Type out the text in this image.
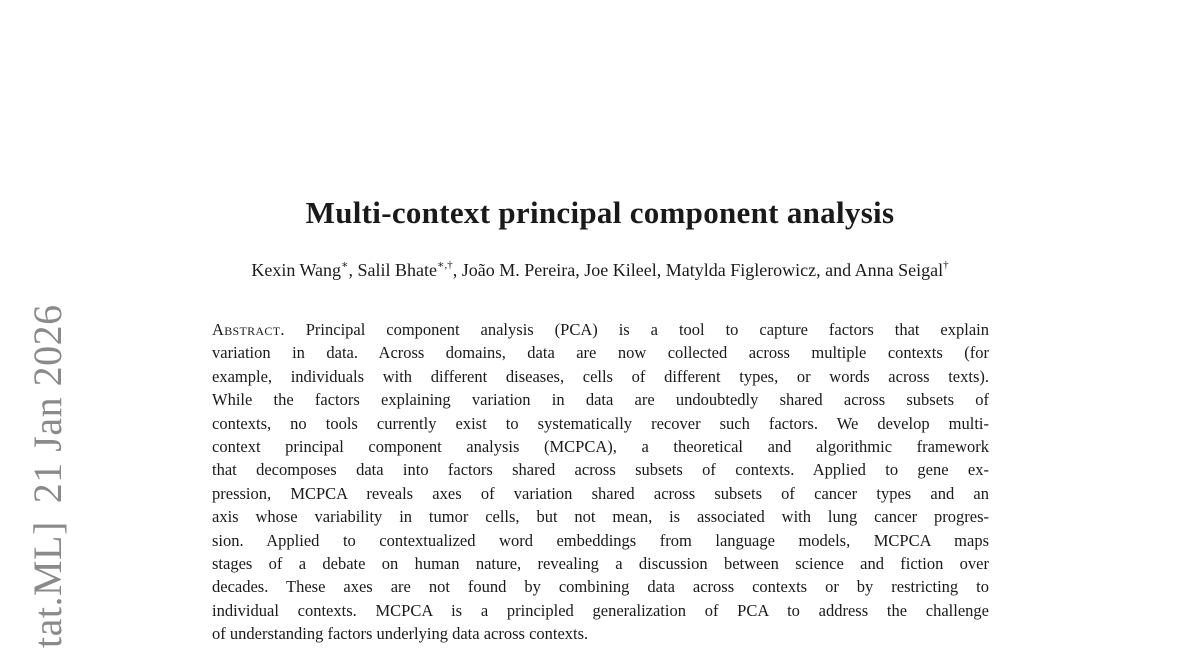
tat.ML]21 Jan 2026
Multi-context principal component analysis

Kexin Wang∗, Salil Bhate∗,†, João M. Pereira, Joe Kileel, Matylda Figlerowicz, and Anna Seigal†

Abstract. Principal component analysis (PCA) is a tool to capture factors that explain
variation in data. Across domains, data are now collected across multiple contexts (for
example, individuals with different diseases, cells of different types, or words across texts).
While the factors explaining variation in data are undoubtedly shared across subsets of
contexts, no tools currently exist to systematically recover such factors. We develop multi-
context principal component analysis (MCPCA), a theoretical and algorithmic framework
that decomposes data into factors shared across subsets of contexts. Applied to gene ex-
pression, MCPCA reveals axes of variation shared across subsets of cancer types and an
axis whose variability in tumor cells, but not mean, is associated with lung cancer progres-
sion. Applied to contextualized word embeddings from language models, MCPCA maps
stages of a debate on human nature, revealing a discussion between science and fiction over
decades. These axes are not found by combining data across contexts or by restricting to
individual contexts. MCPCA is a principled generalization of PCA to address the challenge
of understanding factors underlying data across contexts.
